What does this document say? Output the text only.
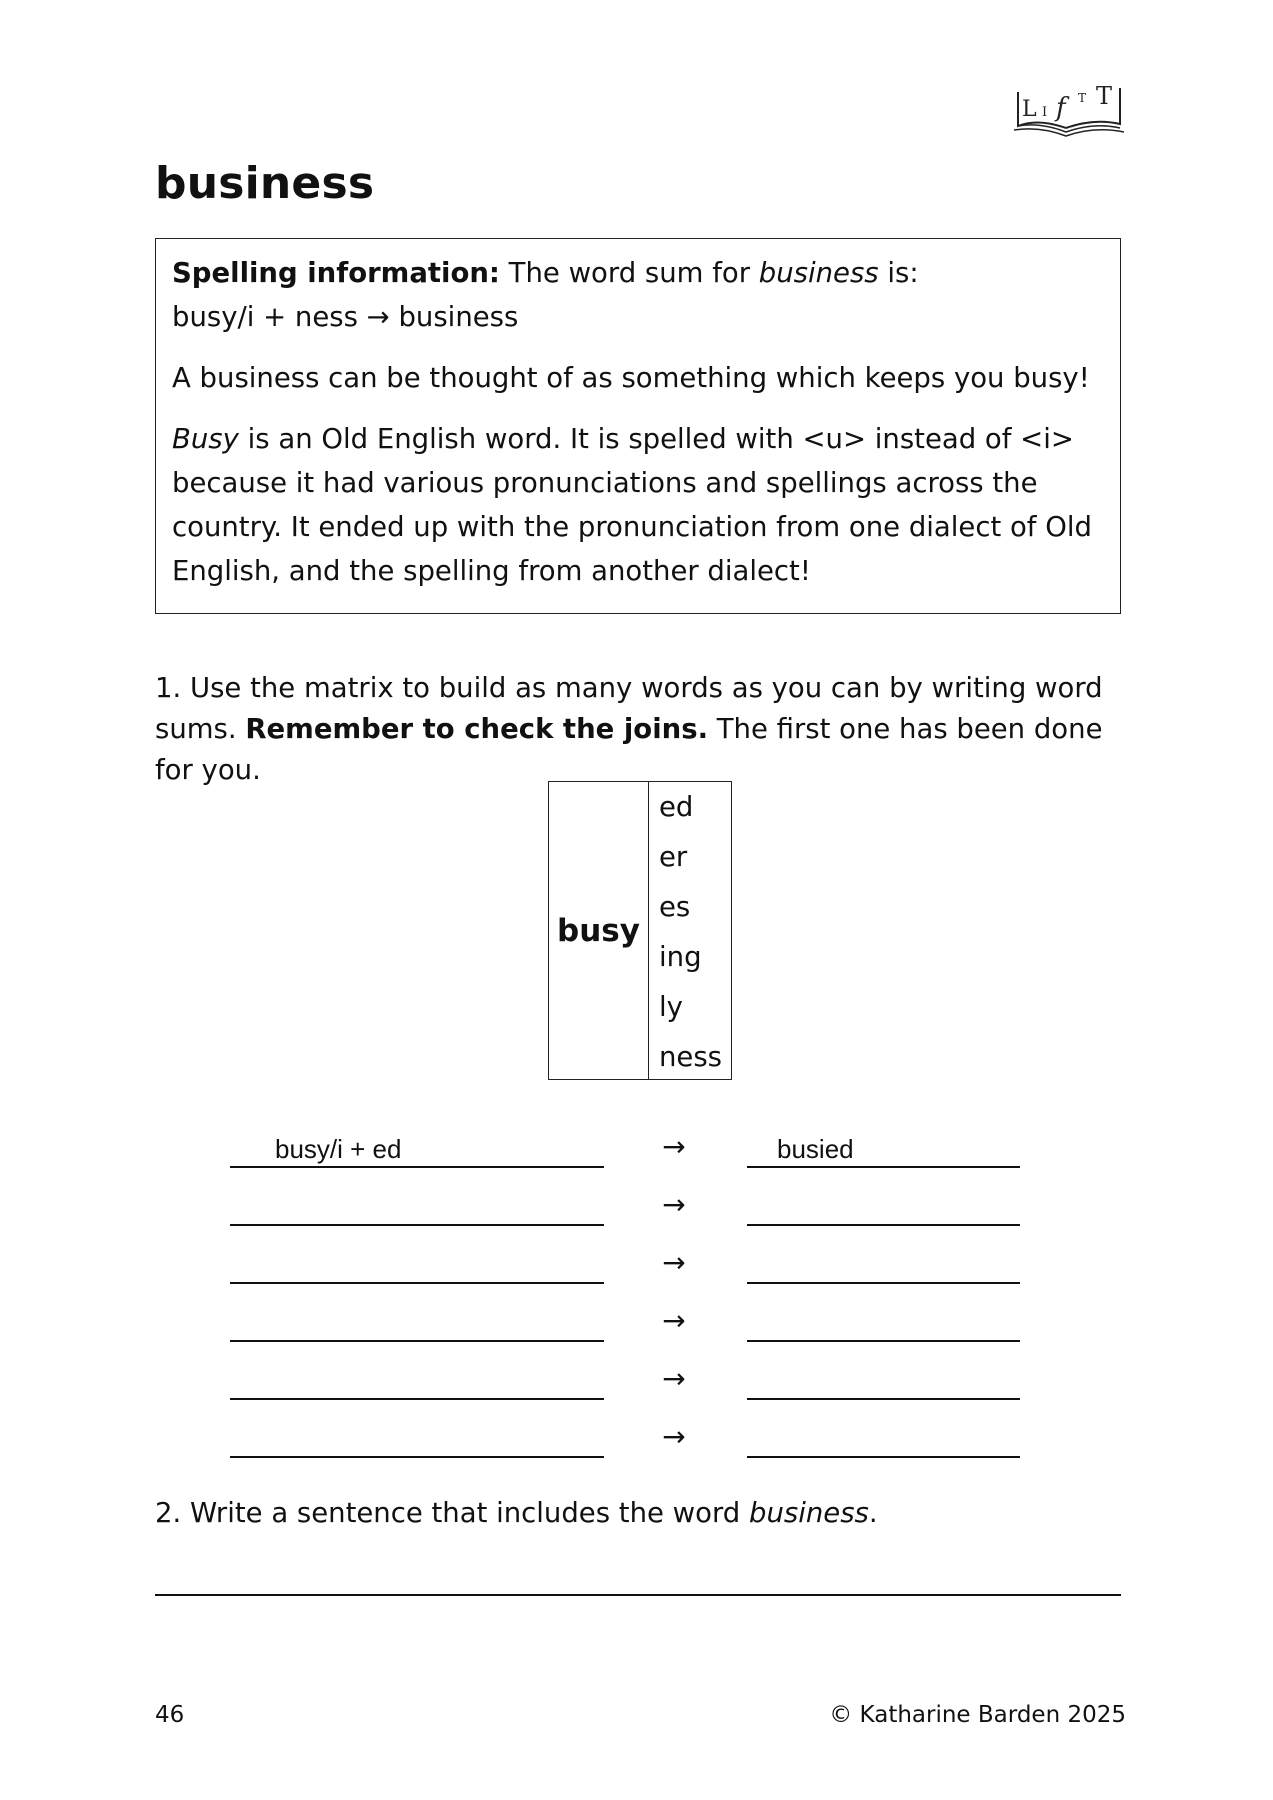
L I f	T T
business

Spelling information: The word sum for business is:

busy/i + ness → business

A business can be thought of as something which keeps you busy!

Busy is an Old English word. It is spelled with <u> instead of <i> because it had various pronunciations and spellings across the country. It ended up with the pronunciation from one dialect of Old English, and the spelling from another dialect!

1. Use the matrix to build as many words as you can by writing word sums. Remember to check the joins. The first one has been done for you.

busy
ed
er
es
ing
ly
ness
busy/i + ed	→	busied
→
→
→
→
→

2. Write a sentence that includes the word business.

46	© Katharine Barden 2025
